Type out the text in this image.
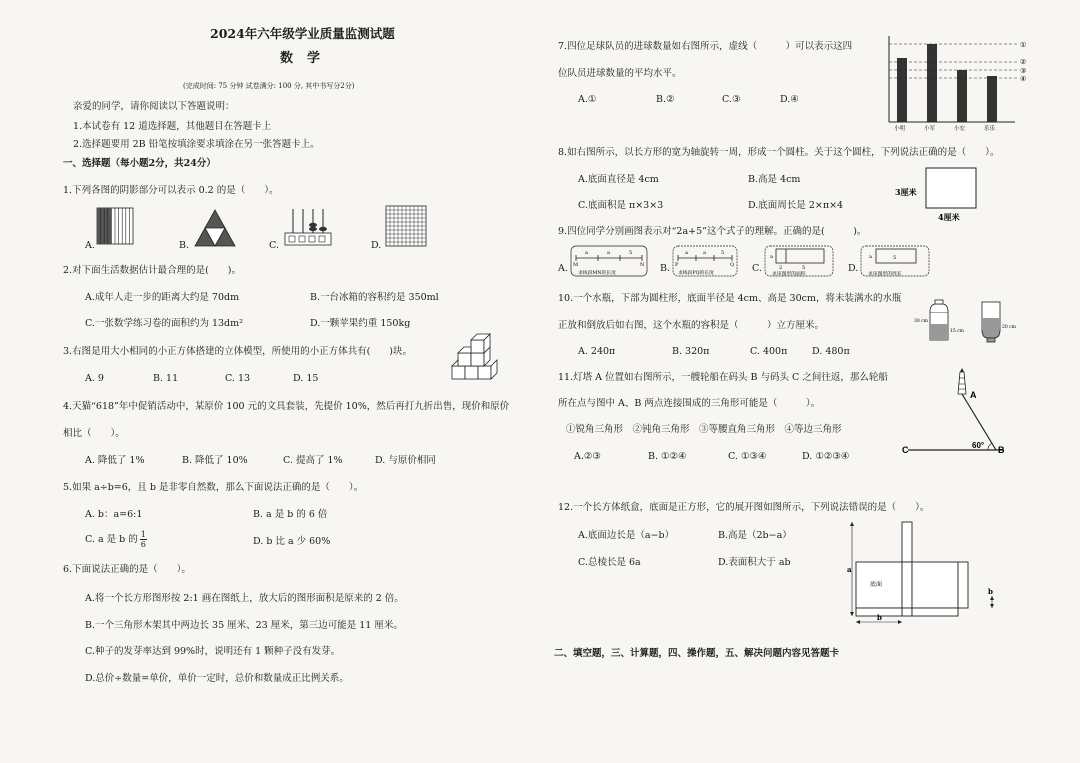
2024年六年级学业质量监测试题
数学
(完成时间: 75 分钟 试卷满分: 100 分, 其中书写分2分)
亲爱的同学，请你阅读以下答题说明：
1.本试卷有 12 道选择题，其他题目在答题卡上
2.选择题要用 2B 铅笔按填涂要求填涂在另一张答题卡上。
一、选择题（每小题2分，共24分）
1.下列各图的阴影部分可以表示 0.2 的是（　　）。
A.	B.	C.	D.
2.对下面生活数据估计最合理的是(　　)。
A.成年人走一步的距离大约是 70dm	B.一台冰箱的容积约是 350ml
C.一张数学练习卷的面积约为 13dm²	D.一颗苹果约重 150kg
3.右图是用大小相同的小正方体搭建的立体模型，所使用的小正方体共有(　　)块。
A. 9	B. 11	C. 13	D. 15
4.天猫“618”年中促销活动中，某原价 100 元的文具套装，先提价 10%，然后再打九折出售，现价和原价
相比（　　）。
A. 降低了 1%	B. 降低了 10%	C. 提高了 1%	D. 与原价相同
5.如果 a÷b=6，且 b 是非零自然数，那么下面说法正确的是（　　）。
A. b：a=6:1	B. a 是 b 的 6 倍
C. a 是 b 的 $\frac{1}{6}$	D. b 比 a 少 60%
6.下面说法正确的是（　　）。
A.将一个长方形图形按 2:1 画在图纸上，放大后的图形面积是原来的 2 倍。
B.一个三角形木架其中两边长 35 厘米、23 厘米，第三边可能是 11 厘米。
C.种子的发芽率达到 99%时，说明还有 1 颗种子没有发芽。
D.总价÷数量=单价，单价一定时，总价和数量成正比例关系。
7.四位足球队员的进球数量如右图所示，虚线（　　　）可以表示这四
位队员进球数量的平均水平。
A.①	B.②	C.③	D.④
①
②
③
④
小明	小军	小宏	乐乐
8.如右图所示，以长方形的宽为轴旋转一周，形成一个圆柱。关于这个圆柱，下列说法正确的是（　　）。
A.底面直径是 4cm	B.高是 4cm
C.底面积是 π×3×3	D.底面周长是 2×π×4
3厘米
4厘米
9.四位同学分别画图表示对“2a+5”这个式子的理解。正确的是(　　　)。
A.
a	a	5
M	N
求线段MN的长度	B.
a	a	5
P	Q
求线段PQ的长度	C.
a
2	5
求该图形的面积
D.
a	5
求该图形的周长
10.一个水瓶，下部为圆柱形，底面半径是 4cm、高是 30cm，将未装满水的水瓶
正放和倒放后如右图，这个水瓶的容积是（　　　）立方厘米。
A. 240π	B. 320π	C. 400π	D. 480π
30 cm
15 cm
20 cm
11.灯塔 A 位置如右图所示，一艘轮船在码头 B 与码头 C 之间往返，那么轮船
所在点与图中 A、B 两点连接围成的三角形可能是（　　　）。
①锐角三角形　②钝角三角形　③等腰直角三角形　④等边三角形
A.②③	B. ①②④	C. ①③④	D. ①②③④
A
B
C	60°
12.一个长方体纸盒，底面是正方形，它的展开图如图所示，下列说法错误的是（　　）。
A.底面边长是（a−b）	B.高是（2b−a）
C.总棱长是 6a	D.表面积大于 ab
a
b
b
底面
二、填空题，三、计算题，四、操作题，五、解决问题内容见答题卡
